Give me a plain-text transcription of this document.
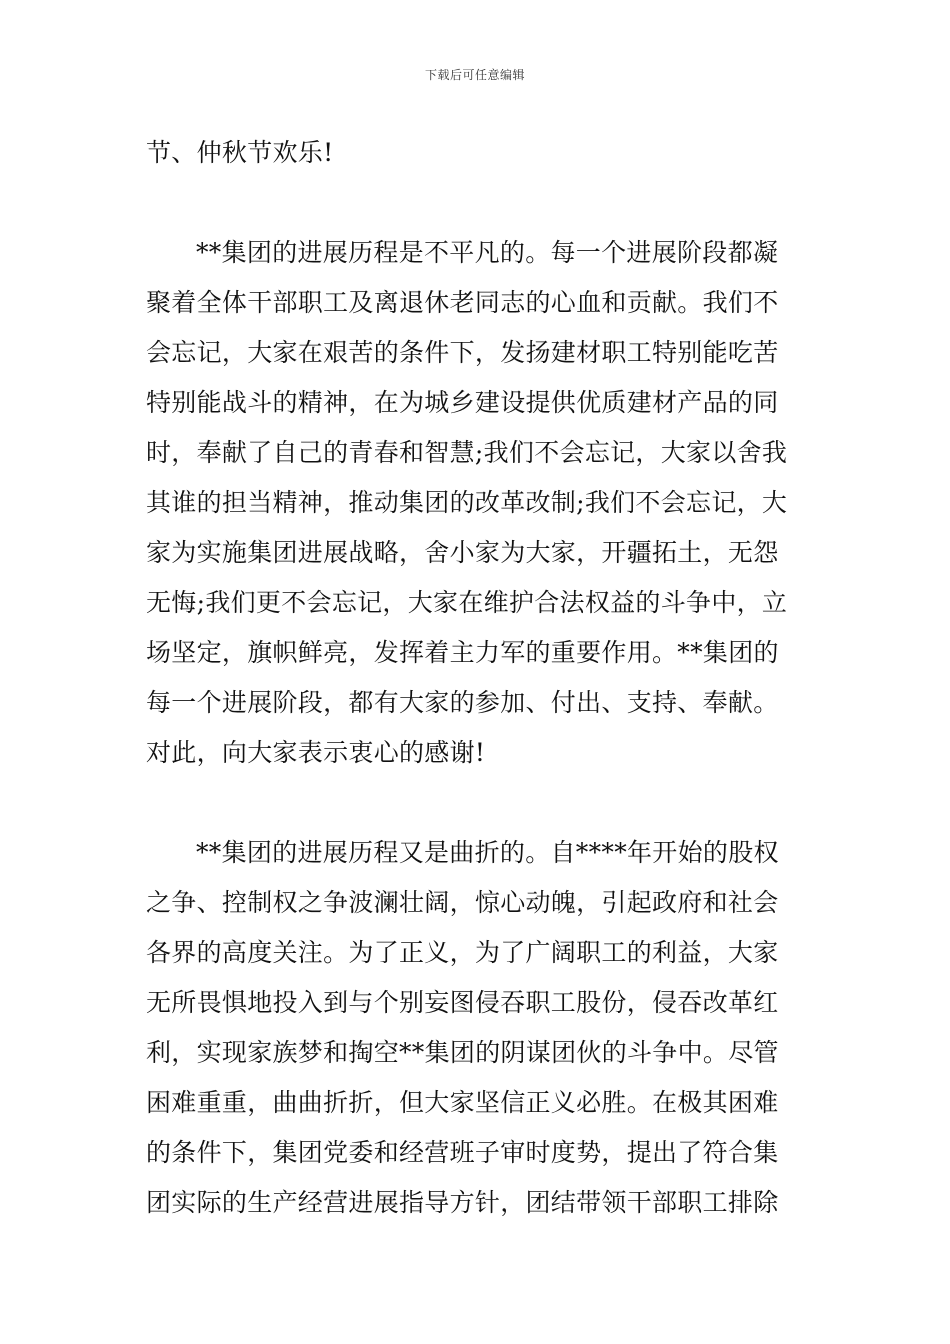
下载后可任意编辑
节、仲秋节欢乐!
**集团的进展历程是不平凡的。每一个进展阶段都凝
聚着全体干部职工及离退休老同志的心血和贡献。我们不
会忘记，大家在艰苦的条件下，发扬建材职工特别能吃苦
特别能战斗的精神，在为城乡建设提供优质建材产品的同
时，奉献了自己的青春和智慧;我们不会忘记，大家以舍我
其谁的担当精神，推动集团的改革改制;我们不会忘记，大
家为实施集团进展战略，舍小家为大家，开疆拓土，无怨
无悔;我们更不会忘记，大家在维护合法权益的斗争中，立
场坚定，旗帜鲜亮，发挥着主力军的重要作用。**集团的
每一个进展阶段，都有大家的参加、付出、支持、奉献。
对此，向大家表示衷心的感谢!
**集团的进展历程又是曲折的。自****年开始的股权
之争、控制权之争波澜壮阔，惊心动魄，引起政府和社会
各界的高度关注。为了正义，为了广阔职工的利益，大家
无所畏惧地投入到与个别妄图侵吞职工股份，侵吞改革红
利，实现家族梦和掏空**集团的阴谋团伙的斗争中。尽管
困难重重，曲曲折折，但大家坚信正义必胜。在极其困难
的条件下，集团党委和经营班子审时度势，提出了符合集
团实际的生产经营进展指导方针，团结带领干部职工排除
